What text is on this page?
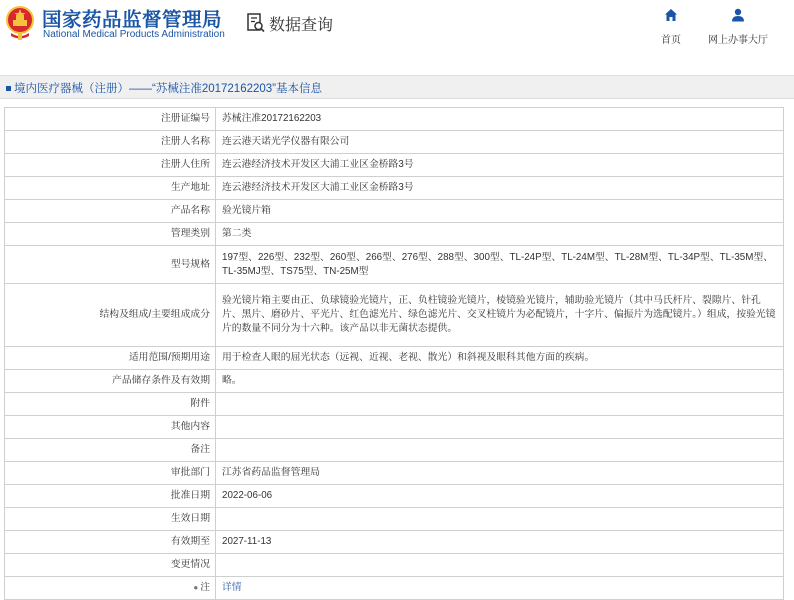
国家药品监督管理局
National Medical Products Administration
数据查询
首页	网上办事大厅
境内医疗器械（注册）——“苏械注准20172162203”基本信息
注册证编号	苏械注准20172162203
注册人名称	连云港天诺光学仪器有限公司
注册人住所	连云港经济技术开发区大浦工业区金桥路3号
生产地址	连云港经济技术开发区大浦工业区金桥路3号
产品名称	验光镜片箱
管理类别	第二类
型号规格	197型、226型、232型、260型、266型、276型、288型、300型、TL-24P型、TL-24M型、TL-28M型、TL-34P型、TL-35M型、TL-35MJ型、TS75型、TN-25M型
结构及组成/主要组成成分	验光镜片箱主要由正、负球镜验光镜片，正、负柱镜验光镜片，棱镜验光镜片，辅助验光镜片（其中马氏杆片、裂隙片、针孔片、黑片、磨砂片、平光片、红色滤光片、绿色滤光片、交叉柱镜片为必配镜片，十字片、偏振片为选配镜片。）组成，按验光镜片的数量不同分为十六种。该产品以非无菌状态提供。
适用范围/预期用途	用于检查人眼的屈光状态（远视、近视、老视、散光）和斜视及眼科其他方面的疾病。
产品储存条件及有效期	略。
附件	
其他内容	
备注	
审批部门	江苏省药品监督管理局
批准日期	2022-06-06
生效日期	
有效期至	2027-11-13
变更情况	
● 注	详情
